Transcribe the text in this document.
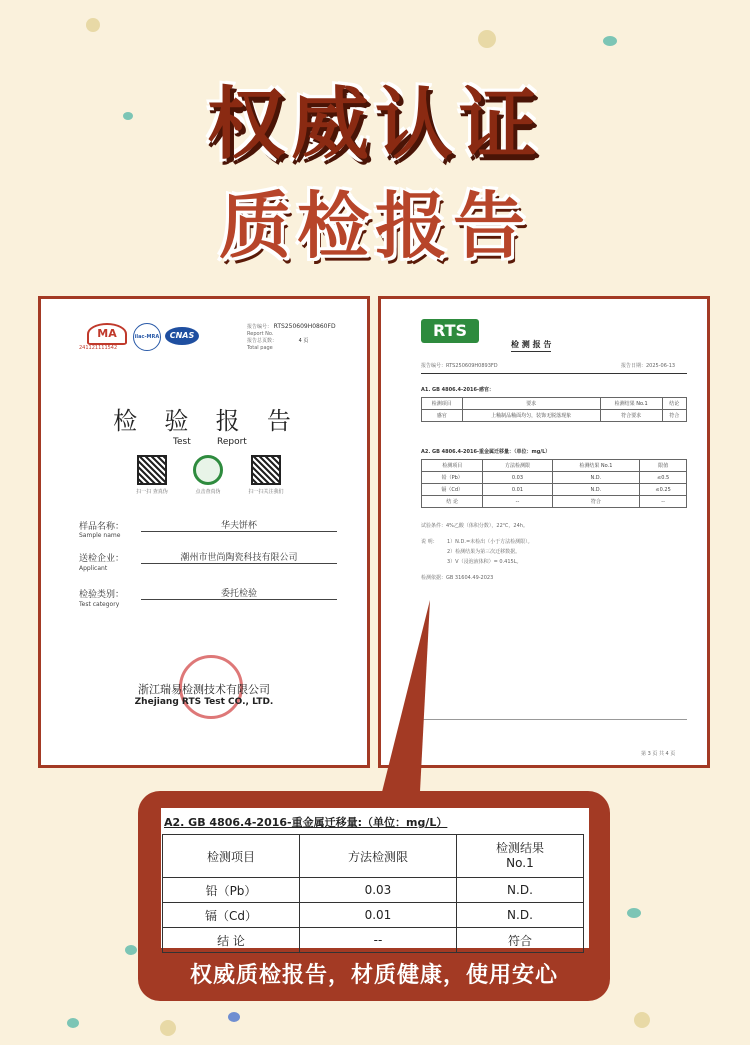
权威认证
质检报告
MA
241121111542
ilac-MRA	CNAS
报告编号： RTS250609H0860FD
Report No.
报告总页数：	4 页
Total page
检  验  报  告
Test	Report
扫一扫 查真伪	点击查真伪	扫一扫关注我们
样品名称：
Sample name
华夫饼杯
送检企业：
Applicant
潮州市世尚陶瓷科技有限公司
检验类别：
Test category
委托检验
浙江瑞易检测技术有限公司
Zhejiang RTS Test CO., LTD.
RTS
检 测 报 告
报告编号：RTS250609H0893FD	报告日期：2025-06-13
A1. GB 4806.4-2016-感官：
检测项目	要求	检测结果 No.1	结论
感官	上釉制品釉面均匀，装饰无脱落现象	符合要求	符合
A2. GB 4806.4-2016-重金属迁移量：（单位：mg/L）
检测项目	方法检测限	检测结果 No.1	限值
铅（Pb）	0.03	N.D.	≤0.5
镉（Cd）	0.01	N.D.	≤0.25
结 论	--	符合	--
试验条件：4%乙酸（体积分数），22℃，24h。
说 明： 1）N.D.=未检出（小于方法检测限）。
2）检测结果为第三次迁移数据。
3）V（浸泡液体积）= 0.415L。
检测依据：GB 31604.49-2023
第 3 页 共 4 页
A2. GB 4806.4-2016-重金属迁移量:（单位：mg/L）
检测项目	方法检测限	检测结果
No.1
铅（Pb）	0.03	N.D.
镉（Cd）	0.01	N.D.
结 论	--	符合
权威质检报告，材质健康，使用安心
